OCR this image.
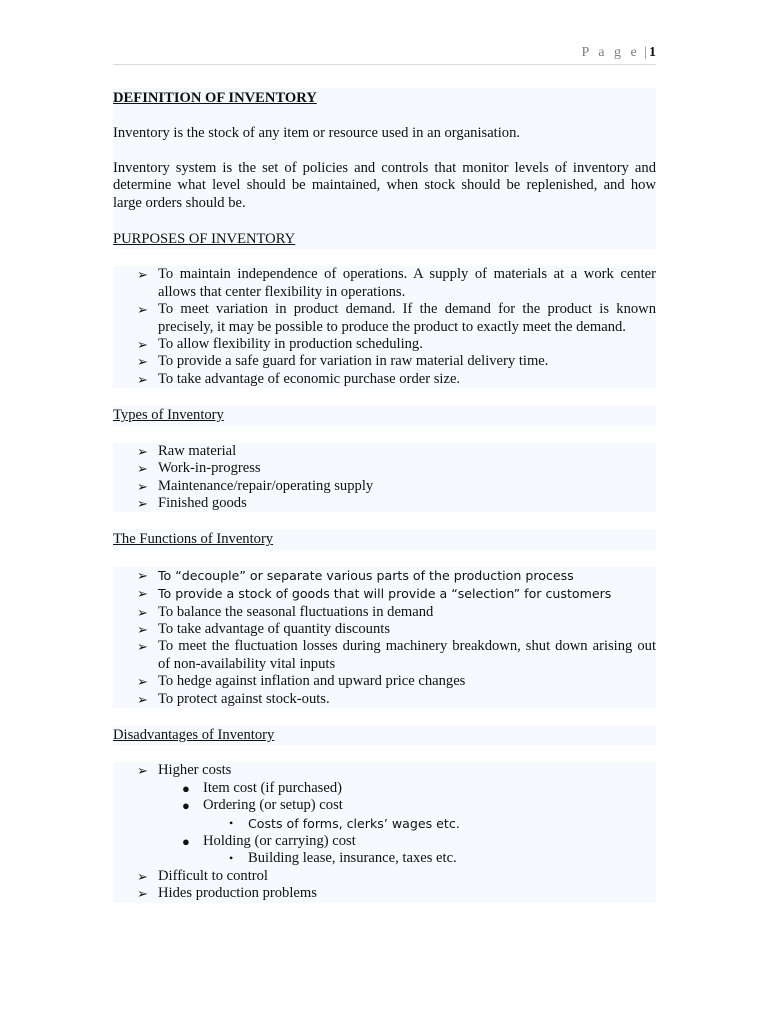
P a g e | 1

DEFINITION OF INVENTORY

Inventory is the stock of any item or resource used in an organisation.

Inventory system is the set of policies and controls that monitor levels of inventory and determine what level should be maintained, when stock should be replenished, and how large orders should be.

PURPOSES OF INVENTORY

➢ To maintain independence of operations. A supply of materials at a work center allows that center flexibility in operations.
➢ To meet variation in product demand. If the demand for the product is known precisely, it may be possible to produce the product to exactly meet the demand.
➢ To allow flexibility in production scheduling.
➢ To provide a safe guard for variation in raw material delivery time.
➢ To take advantage of economic purchase order size.

Types of Inventory

➢ Raw material
➢ Work-in-progress
➢ Maintenance/repair/operating supply
➢ Finished goods

The Functions of Inventory

➢ To “decouple” or separate various parts of the production process
➢ To provide a stock of goods that will provide a “selection” for customers
➢ To balance the seasonal fluctuations in demand
➢ To take advantage of quantity discounts
➢ To meet the fluctuation losses during machinery breakdown, shut down arising out of non-availability vital inputs
➢ To hedge against inflation and upward price changes
➢ To protect against stock-outs.

Disadvantages of Inventory

➢ Higher costs
● Item cost (if purchased)
● Ordering (or setup) cost
• Costs of forms, clerks’ wages etc.
● Holding (or carrying) cost
• Building lease, insurance, taxes etc.
➢ Difficult to control
➢ Hides production problems
